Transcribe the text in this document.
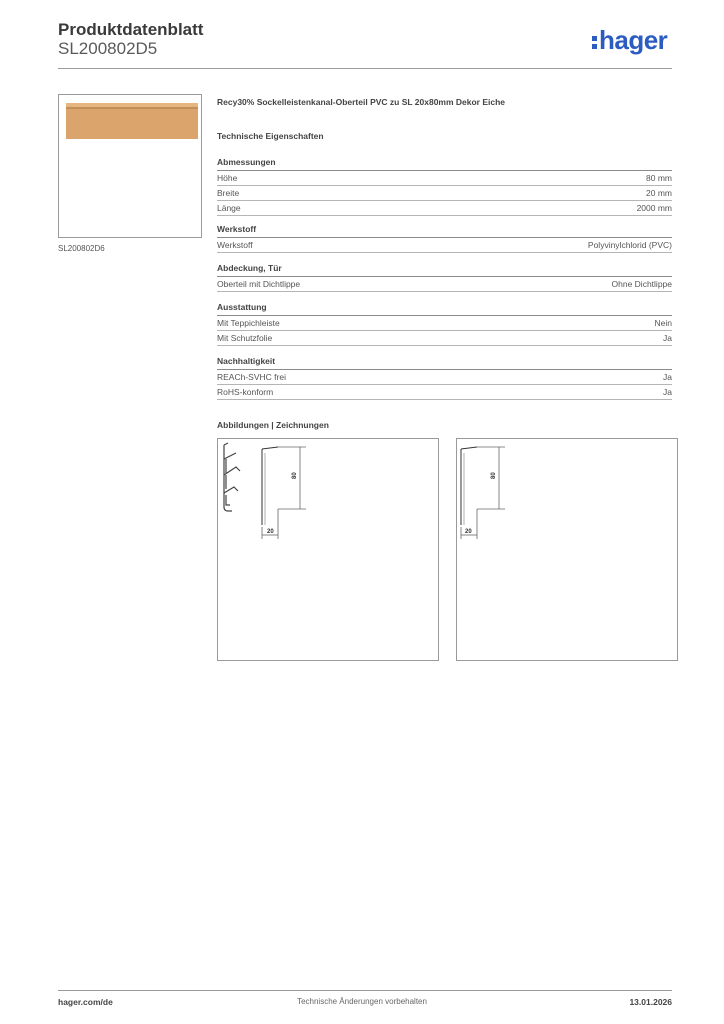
Produktdatenblatt
SL200802D5	hager
SL200802D6
Recy30% Sockelleistenkanal-Oberteil PVC zu SL 20x80mm Dekor Eiche
Technische Eigenschaften
Abmessungen
Höhe	80 mm
Breite	20 mm
Länge	2000 mm
Werkstoff
Werkstoff	Polyvinylchlorid (PVC)
Abdeckung, Tür
Oberteil mit Dichtlippe	Ohne Dichtlippe
Ausstattung
Mit Teppichleiste	Nein
Mit Schutzfolie	Ja
Nachhaltigkeit
REACh-SVHC frei	Ja
RoHS-konform	Ja
Abbildungen | Zeichnungen
80
20
80
20
hager.com/de	Technische Änderungen vorbehalten	13.01.2026
